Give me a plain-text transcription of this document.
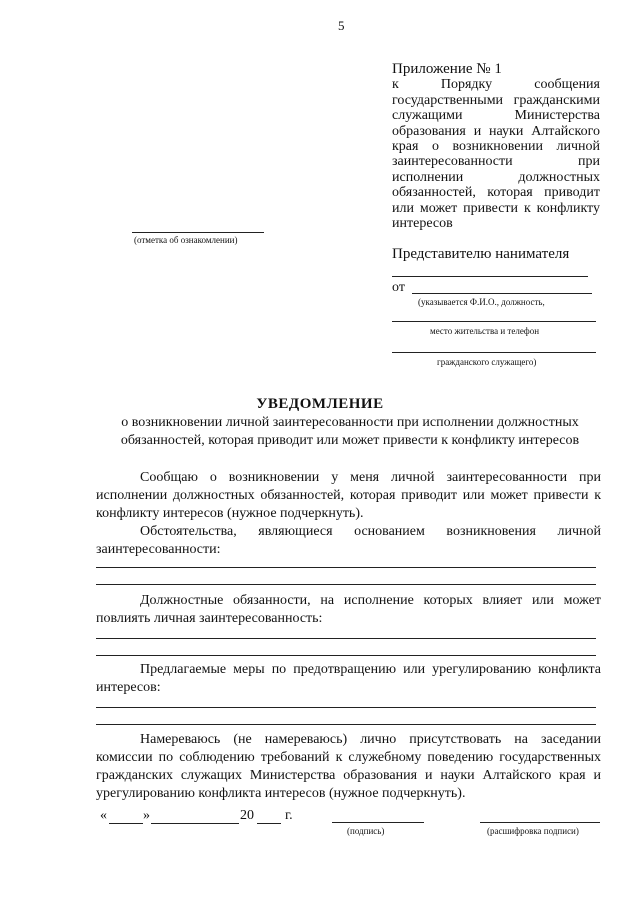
5
Приложение № 1
к Порядку сообщения государственными гражданскими служащими Министерства образования и науки Алтайского края о возникновении личной заинтересованности при исполнении должностных обязанностей, которая приводит или может привести к конфликту интересов
(отметка об ознакомлении)
Представителю нанимателя
от
(указывается Ф.И.О., должность,
место жительства и телефон
гражданского служащего)
УВЕДОМЛЕНИЕ
о возникновении личной заинтересованности при исполнении должностных обязанностей, которая приводит или может привести к конфликту интересов
Сообщаю о возникновении у меня личной заинтересованности при исполнении должностных обязанностей, которая приводит или может привести к конфликту интересов (нужное подчеркнуть).
Обстоятельства, являющиеся основанием возникновения личной заинтересованности:
Должностные обязанности, на исполнение которых влияет или может повлиять личная заинтересованность:
Предлагаемые меры по предотвращению или урегулированию конфликта интересов:
Намереваюсь (не намереваюсь) лично присутствовать на заседании комиссии по соблюдению требований к служебному поведению государственных гражданских служащих Министерства образования и науки Алтайского края и урегулированию конфликта интересов (нужное подчеркнуть).
«	»	20 г.
(подпись)	(расшифровка подписи)
